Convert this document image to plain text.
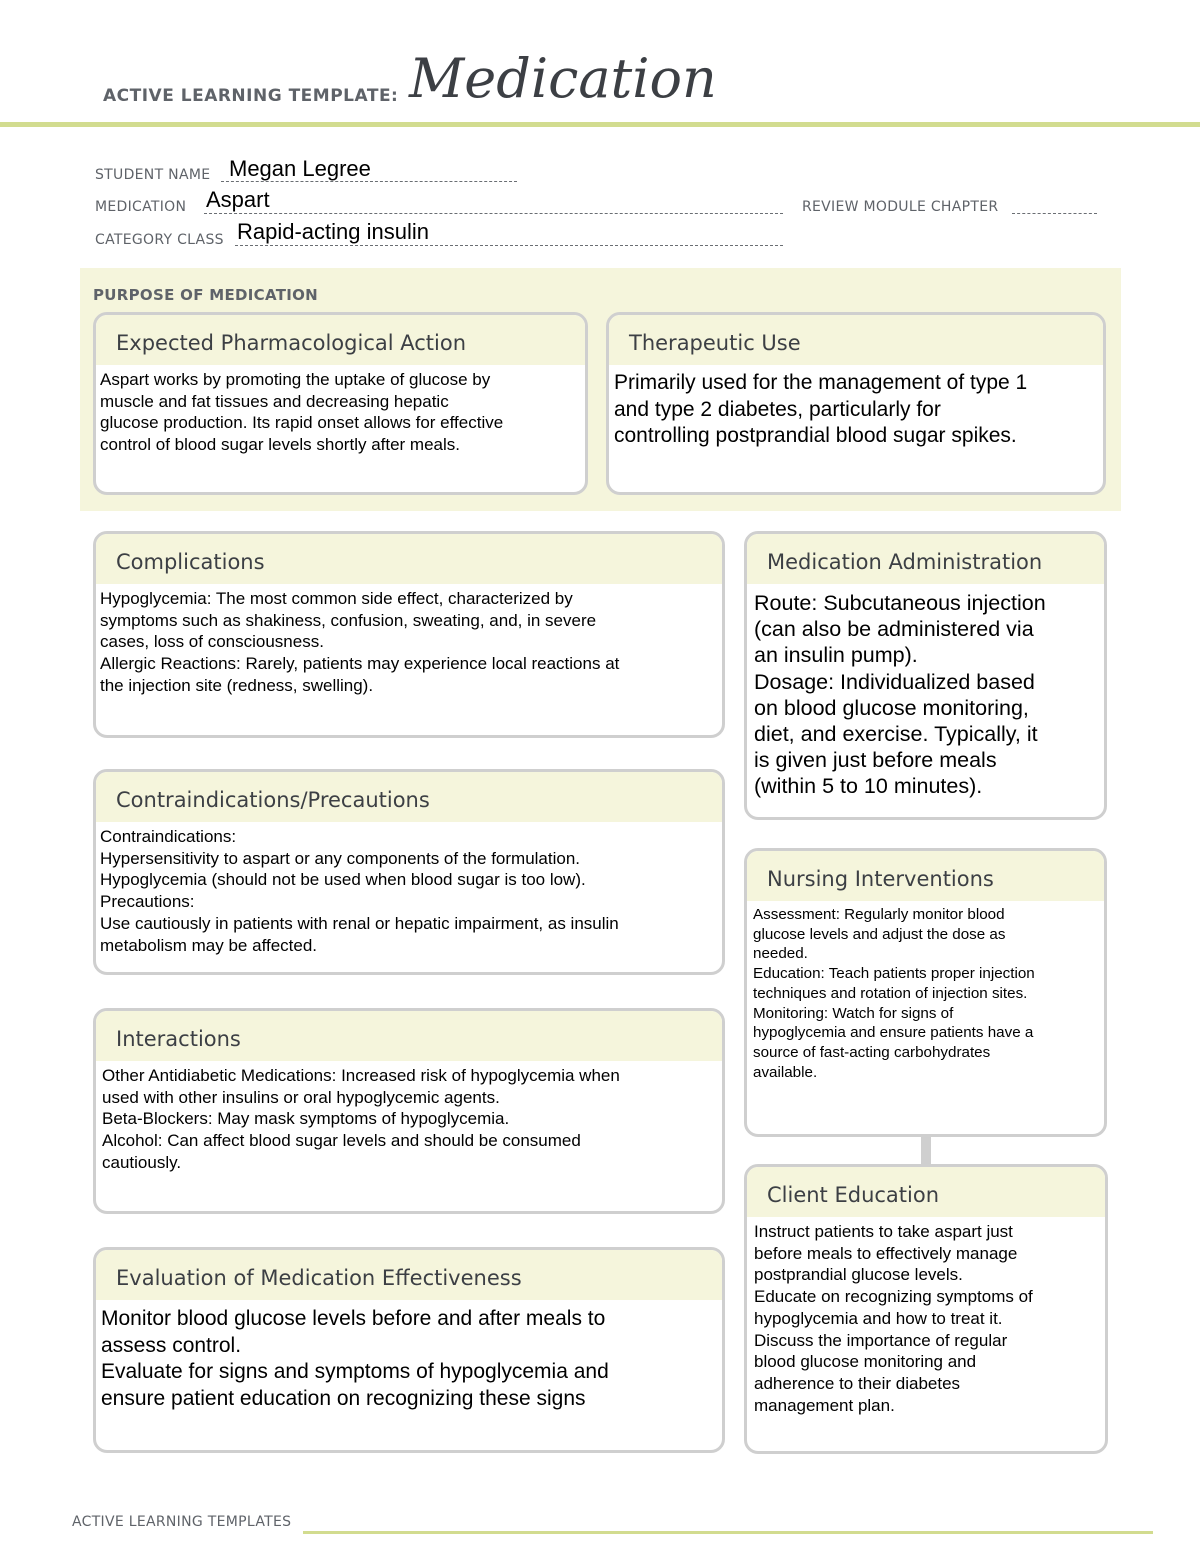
ACTIVE LEARNING TEMPLATE: Medication
STUDENT NAME Megan Legree
MEDICATION Aspart	REVIEW MODULE CHAPTER
CATEGORY CLASS Rapid-acting insulin
PURPOSE OF MEDICATION
Expected Pharmacological Action
Aspart works by promoting the uptake of glucose by
muscle and fat tissues and decreasing hepatic
glucose production. Its rapid onset allows for effective
control of blood sugar levels shortly after meals.
Therapeutic Use
Primarily used for the management of type 1
and type 2 diabetes, particularly for
controlling postprandial blood sugar spikes.
Complications
Hypoglycemia: The most common side effect, characterized by
symptoms such as shakiness, confusion, sweating, and, in severe
cases, loss of consciousness.
Allergic Reactions: Rarely, patients may experience local reactions at
the injection site (redness, swelling).
Medication Administration
Route: Subcutaneous injection
(can also be administered via
an insulin pump).
Dosage: Individualized based
on blood glucose monitoring,
diet, and exercise. Typically, it
is given just before meals
(within 5 to 10 minutes).
Contraindications/Precautions
Contraindications:
Hypersensitivity to aspart or any components of the formulation.
Hypoglycemia (should not be used when blood sugar is too low).
Precautions:
Use cautiously in patients with renal or hepatic impairment, as insulin
metabolism may be affected.
Nursing Interventions
Assessment: Regularly monitor blood
glucose levels and adjust the dose as
needed.
Education: Teach patients proper injection
techniques and rotation of injection sites.
Monitoring: Watch for signs of
hypoglycemia and ensure patients have a
source of fast-acting carbohydrates
available.
Interactions
Other Antidiabetic Medications: Increased risk of hypoglycemia when
used with other insulins or oral hypoglycemic agents.
Beta-Blockers: May mask symptoms of hypoglycemia.
Alcohol: Can affect blood sugar levels and should be consumed
cautiously.
Client Education
Instruct patients to take aspart just
before meals to effectively manage
postprandial glucose levels.
Educate on recognizing symptoms of
hypoglycemia and how to treat it.
Discuss the importance of regular
blood glucose monitoring and
adherence to their diabetes
management plan.
Evaluation of Medication Effectiveness
Monitor blood glucose levels before and after meals to
assess control.
Evaluate for signs and symptoms of hypoglycemia and
ensure patient education on recognizing these signs
ACTIVE LEARNING TEMPLATES
